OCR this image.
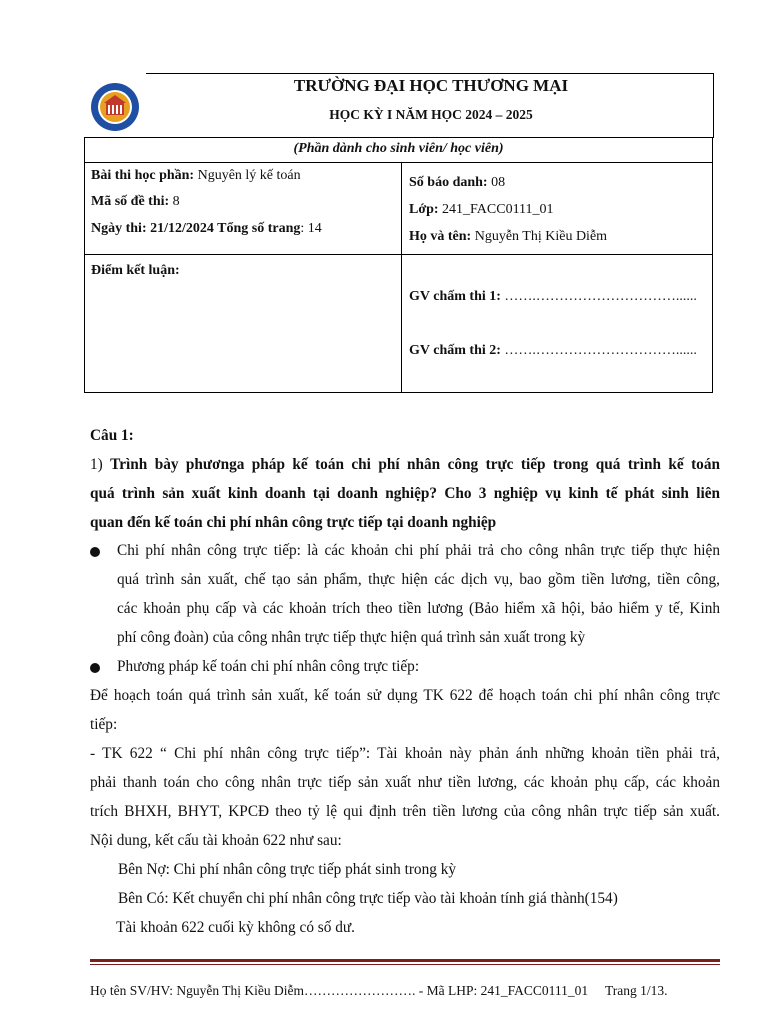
TRƯỜNG ĐẠI HỌC THƯƠNG MẠI
HỌC KỲ I NĂM HỌC 2024 – 2025
(Phần dành cho sinh viên/ học viên)
Bài thi học phần: Nguyên lý kế toán
Mã số đề thi: 8
Ngày thi: 21/12/2024 Tổng số trang: 14
Số báo danh: 08
Lớp: 241_FACC0111_01
Họ và tên: Nguyễn Thị Kiều Diễm
Điểm kết luận:
GV chấm thi 1: …….…………………………......
GV chấm thi 2: …….…………………………......
Câu 1:
1) Trình bày phươnga pháp kế toán chi phí nhân công trực tiếp trong quá trình kế toán
quá trình sản xuất kinh doanh tại doanh nghiệp? Cho 3 nghiệp vụ kinh tế phát sinh liên
quan đến kế toán chi phí nhân công trực tiếp tại doanh nghiệp
Chi phí nhân công trực tiếp: là các khoản chi phí phải trả cho công nhân trực tiếp thực hiện
quá trình sản xuất, chế tạo sản phẩm, thực hiện các dịch vụ, bao gồm tiền lương, tiền công,
các khoản phụ cấp và các khoản trích theo tiền lương (Bảo hiểm xã hội, bảo hiểm y tế, Kinh
phí công đoàn) của công nhân trực tiếp thực hiện quá trình sản xuất trong kỳ
Phương pháp kế toán chi phí nhân công trực tiếp:
Để hoạch toán quá trình sản xuất, kế toán sử dụng TK 622 để hoạch toán chi phí nhân công trực
tiếp:
- TK 622 “ Chi phí nhân công trực tiếp”: Tài khoản này phản ánh những khoản tiền phải trả,
phải thanh toán cho công nhân trực tiếp sản xuất như tiền lương, các khoản phụ cấp, các khoản
trích BHXH, BHYT, KPCĐ theo tỷ lệ qui định trên tiền lương của công nhân trực tiếp sản xuất.
Nội dung, kết cấu tài khoản 622 như sau:
Bên Nợ: Chi phí nhân công trực tiếp phát sinh trong kỳ
Bên Có: Kết chuyển chi phí nhân công trực tiếp vào tài khoản tính giá thành(154)
Tài khoản 622 cuối kỳ không có số dư.
Họ tên SV/HV: Nguyễn Thị Kiều Diễm……………………. - Mã LHP: 241_FACC0111_01 Trang 1/13.
